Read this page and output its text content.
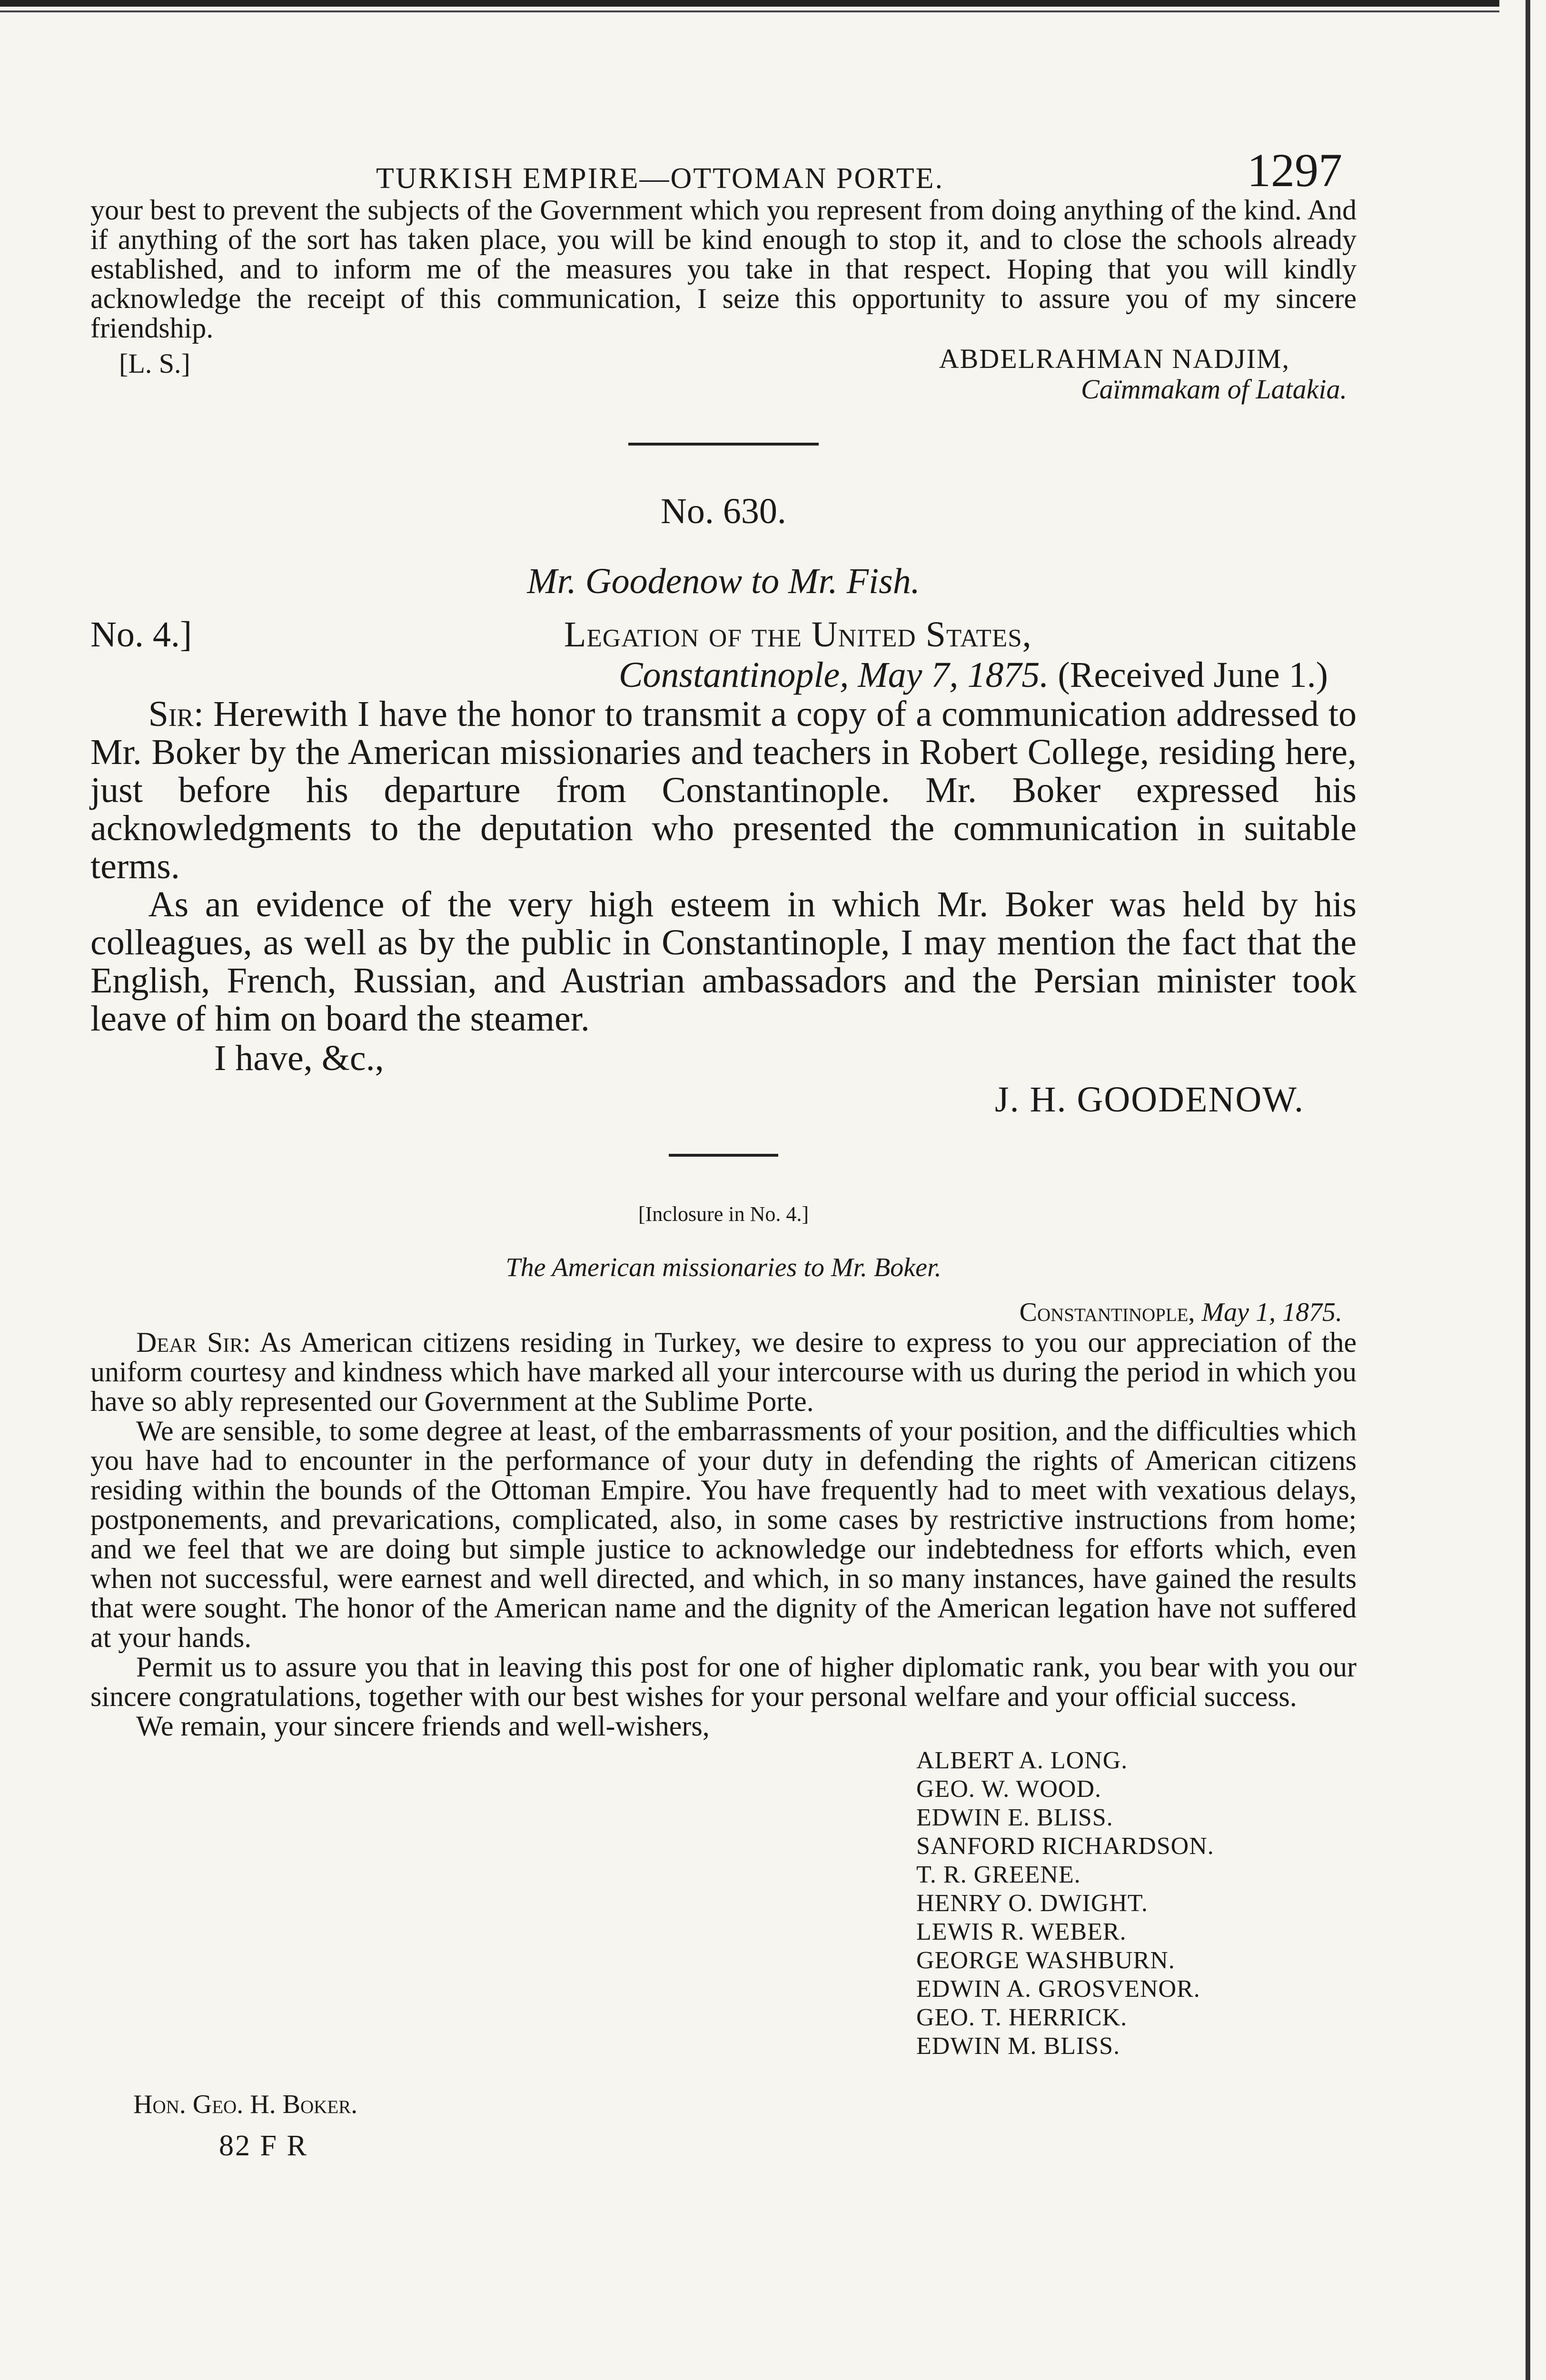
TURKISH EMPIRE—OTTOMAN PORTE.	1297

your best to prevent the subjects of the Government which you represent from doing anything of the kind. And if anything of the sort has taken place, you will be kind enough to stop it, and to close the schools already established, and to inform me of the measures you take in that respect. Hoping that you will kindly acknowledge the receipt of this communication, I seize this opportunity to assure you of my sincere friendship.

[L. S.]	ABDELRAHMAN NADJIM,
Caïmmakam of Latakia.
No. 630.
Mr. Goodenow to Mr. Fish.
No. 4.]	Legation of the United States,
Constantinople, May 7, 1875. (Received June 1.)

Sir: Herewith I have the honor to transmit a copy of a communication addressed to Mr. Boker by the American missionaries and teachers in Robert College, residing here, just before his departure from Constantinople. Mr. Boker expressed his acknowledgments to the deputation who presented the communication in suitable terms.

As an evidence of the very high esteem in which Mr. Boker was held by his colleagues, as well as by the public in Constantinople, I may mention the fact that the English, French, Russian, and Austrian ambassadors and the Persian minister took leave of him on board the steamer.

I have, &c.,
J. H. GOODENOW.
[Inclosure in No. 4.]
The American missionaries to Mr. Boker.
Constantinople, May 1, 1875.

Dear Sir: As American citizens residing in Turkey, we desire to express to you our appreciation of the uniform courtesy and kindness which have marked all your intercourse with us during the period in which you have so ably represented our Government at the Sublime Porte.

We are sensible, to some degree at least, of the embarrassments of your position, and the difficulties which you have had to encounter in the performance of your duty in defending the rights of American citizens residing within the bounds of the Ottoman Empire. You have frequently had to meet with vexatious delays, postponements, and prevarications, complicated, also, in some cases by restrictive instructions from home; and we feel that we are doing but simple justice to acknowledge our indebtedness for efforts which, even when not successful, were earnest and well directed, and which, in so many instances, have gained the results that were sought. The honor of the American name and the dignity of the American legation have not suffered at your hands.

Permit us to assure you that in leaving this post for one of higher diplomatic rank, you bear with you our sincere congratulations, together with our best wishes for your personal welfare and your official success.

We remain, your sincere friends and well-wishers,

ALBERT A. LONG.
GEO. W. WOOD.
EDWIN E. BLISS.
SANFORD RICHARDSON.
T. R. GREENE.
HENRY O. DWIGHT.
LEWIS R. WEBER.
GEORGE WASHBURN.
EDWIN A. GROSVENOR.
GEO. T. HERRICK.
EDWIN M. BLISS.
Hon. Geo. H. Boker.
82 F R
